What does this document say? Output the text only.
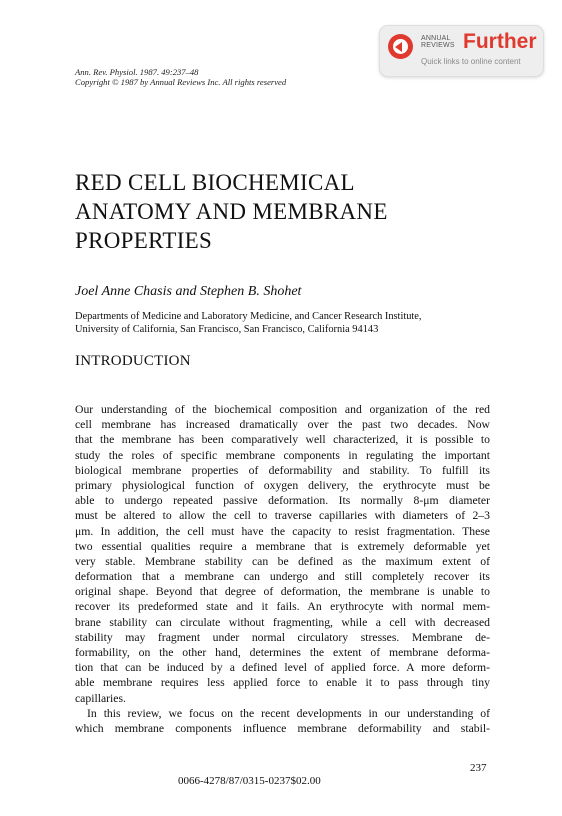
ANNUAL
REVIEWS Further
Quick links to online content
Ann. Rev. Physiol. 1987. 49:237–48
Copyright © 1987 by Annual Reviews Inc. All rights reserved
RED CELL BIOCHEMICAL
ANATOMY AND MEMBRANE
PROPERTIES
Joel Anne Chasis and Stephen B. Shohet
Departments of Medicine and Laboratory Medicine, and Cancer Research Institute,
University of California, San Francisco, San Francisco, California 94143
INTRODUCTION
Our understanding of the biochemical composition and organization of the red
cell membrane has increased dramatically over the past two decades. Now
that the membrane has been comparatively well characterized, it is possible to
study the roles of specific membrane components in regulating the important
biological membrane properties of deformability and stability. To fulfill its
primary physiological function of oxygen delivery, the erythrocyte must be
able to undergo repeated passive deformation. Its normally 8-μm diameter
must be altered to allow the cell to traverse capillaries with diameters of 2–3
μm. In addition, the cell must have the capacity to resist fragmentation. These
two essential qualities require a membrane that is extremely deformable yet
very stable. Membrane stability can be defined as the maximum extent of
deformation that a membrane can undergo and still completely recover its
original shape. Beyond that degree of deformation, the membrane is unable to
recover its predeformed state and it fails. An erythrocyte with normal mem-
brane stability can circulate without fragmenting, while a cell with decreased
stability may fragment under normal circulatory stresses. Membrane de-
formability, on the other hand, determines the extent of membrane deforma-
tion that can be induced by a defined level of applied force. A more deform-
able membrane requires less applied force to enable it to pass through tiny
capillaries.
In this review, we focus on the recent developments in our understanding of
which membrane components influence membrane deformability and stabil-
237
0066-4278/87/0315-0237$02.00
